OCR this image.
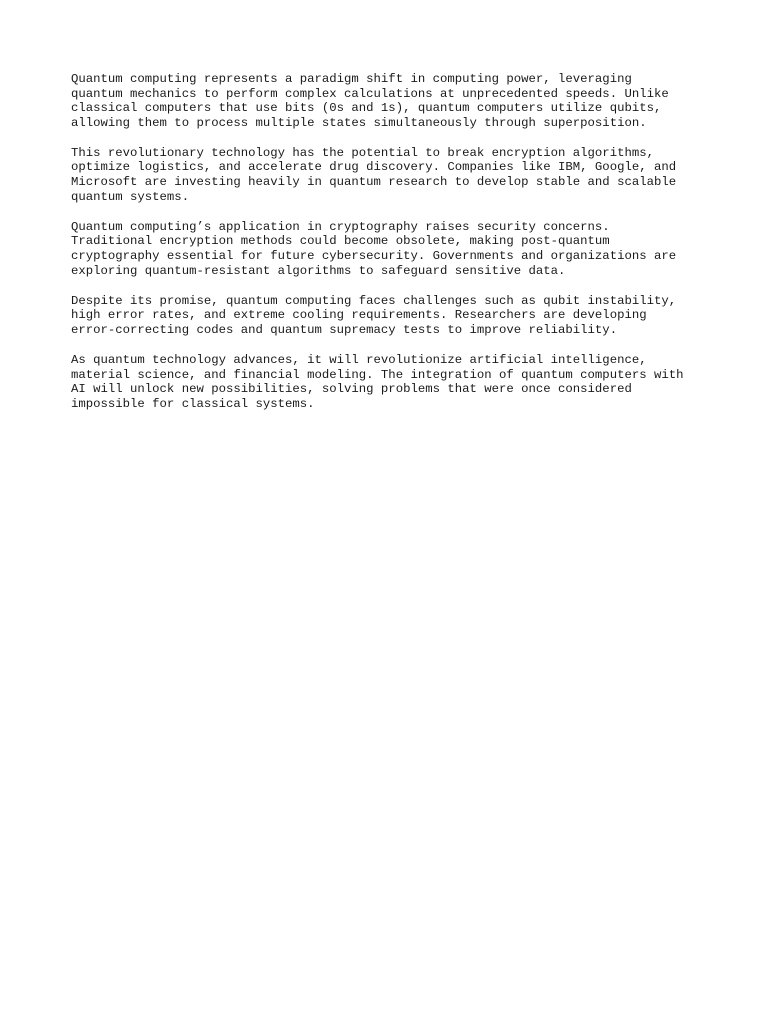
Quantum computing represents a paradigm shift in computing power, leveraging
quantum mechanics to perform complex calculations at unprecedented speeds. Unlike
classical computers that use bits (0s and 1s), quantum computers utilize qubits,
allowing them to process multiple states simultaneously through superposition.

This revolutionary technology has the potential to break encryption algorithms,
optimize logistics, and accelerate drug discovery. Companies like IBM, Google, and
Microsoft are investing heavily in quantum research to develop stable and scalable
quantum systems.

Quantum computing’s application in cryptography raises security concerns.
Traditional encryption methods could become obsolete, making post-quantum
cryptography essential for future cybersecurity. Governments and organizations are
exploring quantum-resistant algorithms to safeguard sensitive data.

Despite its promise, quantum computing faces challenges such as qubit instability,
high error rates, and extreme cooling requirements. Researchers are developing
error-correcting codes and quantum supremacy tests to improve reliability.

As quantum technology advances, it will revolutionize artificial intelligence,
material science, and financial modeling. The integration of quantum computers with
AI will unlock new possibilities, solving problems that were once considered
impossible for classical systems.
